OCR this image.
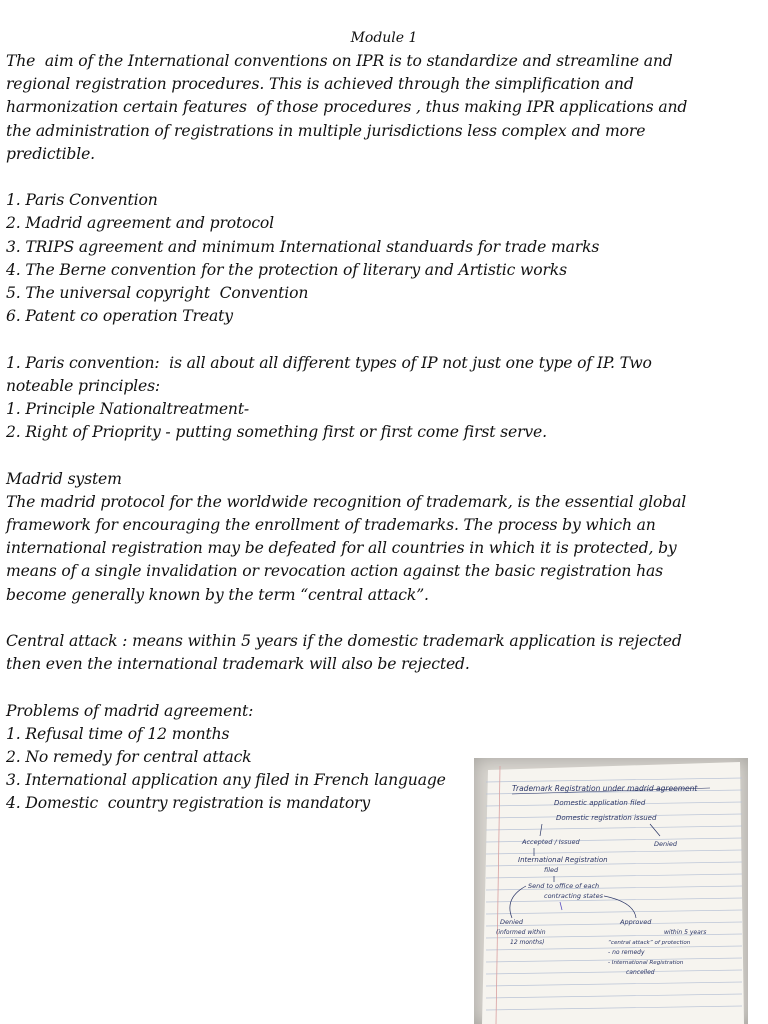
Module 1

The  aim of the International conventions on IPR is to standardize and streamline and

regional registration procedures. This is achieved through the simplification and

harmonization certain features  of those procedures , thus making IPR applications and

the administration of registrations in multiple jurisdictions less complex and more

predictible.

1. Paris Convention

2. Madrid agreement and protocol

3. TRIPS agreement and minimum International standuards for trade marks

4. The Berne convention for the protection of literary and Artistic works

5. The universal copyright  Convention

6. Patent co operation Treaty

1. Paris convention:  is all about all different types of IP not just one type of IP. Two

noteable principles:

1. Principle Nationaltreatment-

2. Right of Prioprity - putting something first or first come first serve.

Madrid system

The madrid protocol for the worldwide recognition of trademark, is the essential global

framework for encouraging the enrollment of trademarks. The process by which an

international registration may be defeated for all countries in which it is protected, by

means of a single invalidation or revocation action against the basic registration has

become generally known by the term “central attack”.

Central attack : means within 5 years if the domestic trademark application is rejected

then even the international trademark will also be rejected.

Problems of madrid agreement:

1. Refusal time of 12 months

2. No remedy for central attack

3. International application any filed in French language

4. Domestic  country registration is mandatory

Trademark Registration under madrid agreement
Domestic application filed
Domestic registration issued
Accepted / Issued	Denied
International Registration
filed
Send to office of each
contracting states
Denied
(informed within
12 months)
Approved
within 5 years
“central attack” of protection
- no remedy
- International Registration
cancelled
